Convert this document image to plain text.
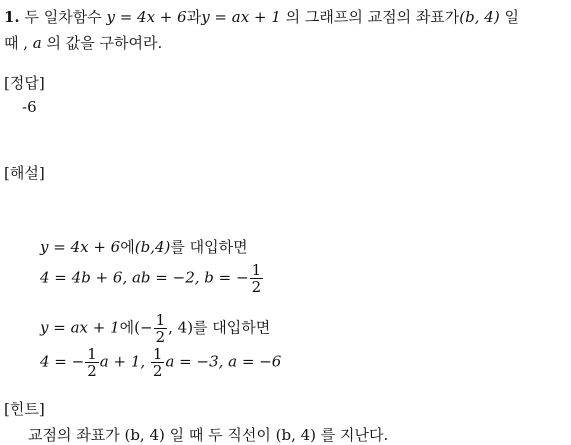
1. 두 일차함수 y = 4x + 6과y = ax + 1 의 그래프의 교점의 좌표가(b, 4) 일
때 , a 의 값을 구하여라.
[정답]
-6
[해설]
y = 4x + 6에(b,4)를 대입하면
4 = 4b + 6, ab = −2, b = − $\frac{1}{2}$
y = ax + 1에(− $\frac{1}{2}$ , 4)를 대입하면
4 = − $\frac{1}{2}$ a + 1, $\frac{1}{2}$ a = −3, a = −6
[힌트]
교점의 좌표가 (b, 4) 일 때 두 직선이 (b, 4) 를 지난다.
